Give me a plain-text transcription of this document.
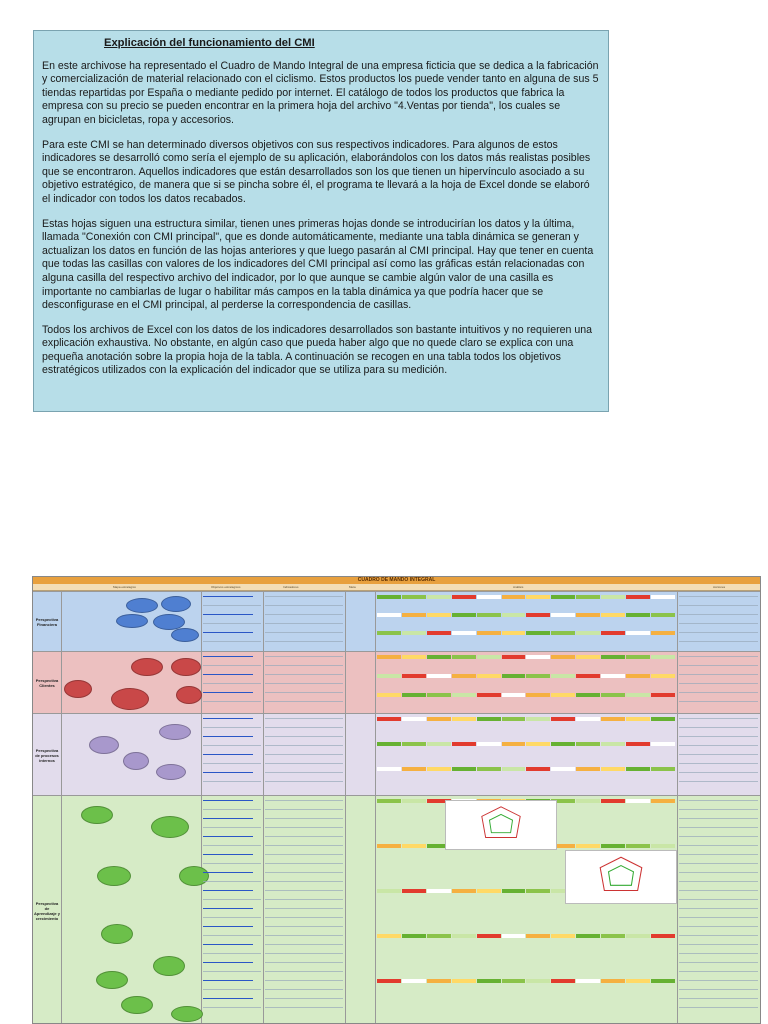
Explicación del funcionamiento del CMI

En este archivose ha representado el Cuadro de Mando Integral de una empresa ficticia que se dedica a la fabricación y comercialización de material relacionado con el ciclismo. Estos productos los puede vender tanto en alguna de sus 5 tiendas repartidas por España o mediante pedido por internet. El catálogo de todos los productos que fabrica la empresa con su precio se pueden encontrar en la primera hoja del archivo "4.Ventas por tienda", los cuales se agrupan en bicicletas, ropa y accesorios.

Para este CMI se han determinado diversos objetivos con sus respectivos indicadores. Para algunos de estos indicadores se desarrolló como sería el ejemplo de su aplicación, elaborándolos con los datos más realistas posibles que se encontraron. Aquellos indicadores que están desarrollados son los que tienen un hipervínculo asociado a su objetivo estratégico, de manera que si se pincha sobre él, el programa te llevará a la hoja de Excel donde se elaboró el indicador con todos los datos recabados.

Estas hojas siguen una estructura similar, tienen unes primeras hojas donde se introducirían los datos y la última, llamada "Conexión con CMI principal", que es donde automáticamente, mediante una tabla dinámica se generan y actualizan los datos en función de las hojas anteriores y que luego pasarán al CMI principal. Hay que tener en cuenta que todas las casillas con valores de los indicadores del CMI principal así como las gráficas están relacionadas con alguna casilla del respectivo archivo del indicador, por lo que aunque se cambie algún valor de una casilla es importante no cambiarlas de lugar o habilitar más campos en la tabla dinámica ya que podría hacer que se desconfigurase en el CMI principal, al perderse la correspondencia de casillas.

Todos los archivos de Excel con los datos de los indicadores desarrollados son bastante intuitivos y no requieren una explicación exhaustiva. No obstante, en algún caso que pueda haber algo que no quede claro se explica con una pequeña anotación sobre la propia hoja de la tabla. A continuación se recogen en una tabla todos los objetivos estratégicos utilizados con la explicación del indicador que se utiliza para su medición.

CUADRO DE MANDO INTEGRAL
Mapa estratégico	Objetivos estratégicos	Indicadores	Meta	Análisis	Acciones
Perspectiva Financiera
Perspectiva Clientes
Perspectiva de procesos internos
Perspectiva de Aprendizaje y crecimiento
